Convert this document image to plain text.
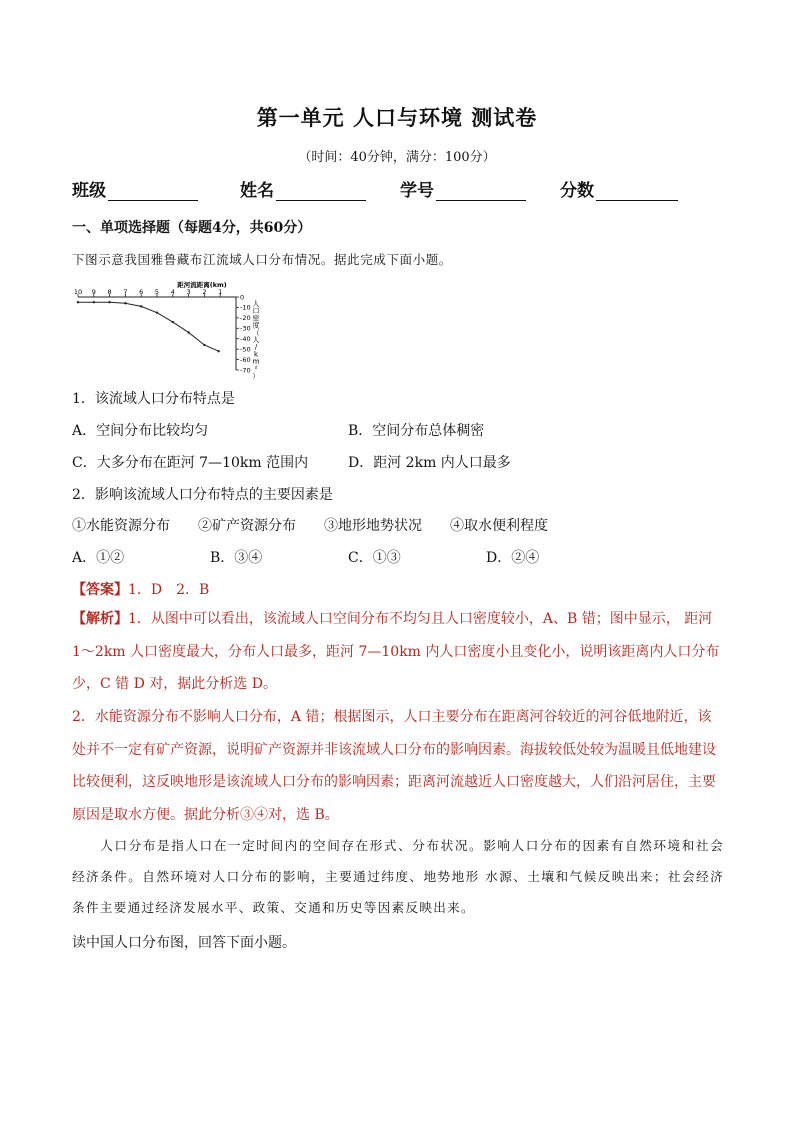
第一单元 人口与环境 测试卷
（时间：40分钟，满分：100分）
班级	姓名	学号	分数
一、单项选择题（每题4分，共60分）
下图示意我国雅鲁藏布江流域人口分布情况。据此完成下面小题。
距河流距离(km)
10 9 8 7 6 5 4 3 2 1
0
-10
-20
-30
-40
-50
-60
-70
人口密度（人/ k m ² ）
1．该流域人口分布特点是
A．空间分布比较均匀	B．空间分布总体稠密
C．大多分布在距河 7—10km 范围内	D．距河 2km 内人口最多
2．影响该流域人口分布特点的主要因素是
①水能资源分布 ②矿产资源分布 ③地形地势状况 ④取水便利程度
A．①②	B．③④	C．①③	D．②④
【答案】1．D　2．B
【解析】1．从图中可以看出，该流域人口空间分布不均匀且人口密度较小，A、B 错；图中显示， 距河 1～2km 人口密度最大，分布人口最多，距河 7—10km 内人口密度小且变化小，说明该距离内人口分布少，C 错 D 对，据此分析选 D。
2．水能资源分布不影响人口分布，A 错；根据图示，人口主要分布在距离河谷较近的河谷低地附近，该处并不一定有矿产资源，说明矿产资源并非该流域人口分布的影响因素。海拔较低处较为温暖且低地建设比较便利，这反映地形是该流域人口分布的影响因素；距离河流越近人口密度越大，人们沿河居住，主要原因是取水方便。据此分析③④对，选 B。
人口分布是指人口在一定时间内的空间存在形式、分布状况。影响人口分布的因素有自然环境和社会经济条件。自然环境对人口分布的影响，主要通过纬度、地势地形 水源、土壤和气候反映出来；社会经济条件主要通过经济发展水平、政策、交通和历史等因素反映出来。
读中国人口分布图，回答下面小题。
